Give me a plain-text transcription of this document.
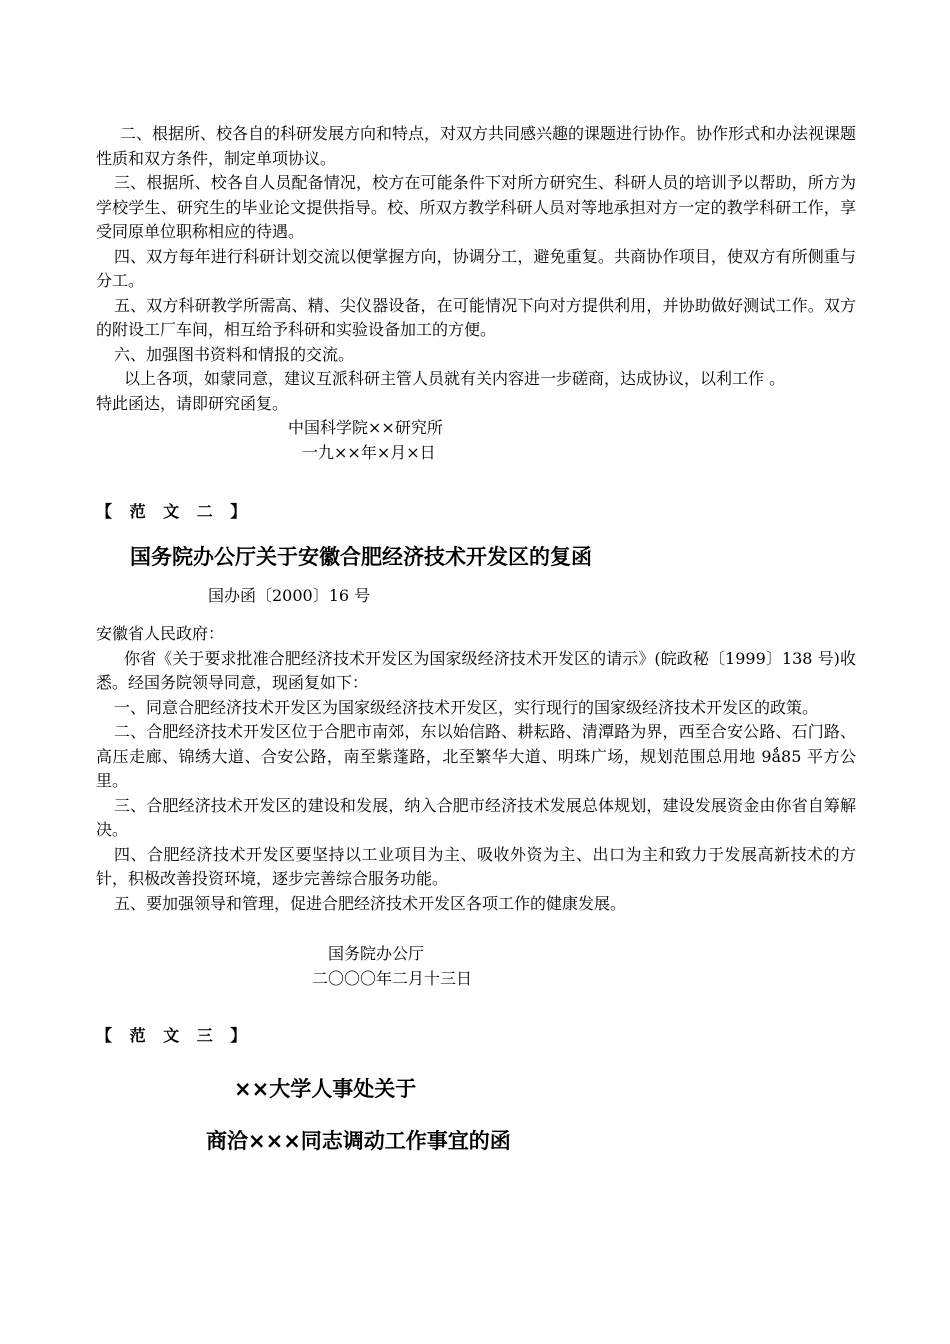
二、根据所、校各自的科研发展方向和特点，对双方共同感兴趣的课题进行协作。协作形式和办法视课题性质和双方条件，制定单项协议。

三、根据所、校各自人员配备情况，校方在可能条件下对所方研究生、科研人员的培训予以帮助，所方为学校学生、研究生的毕业论文提供指导。校、所双方教学科研人员对等地承担对方一定的教学科研工作，享受同原单位职称相应的待遇。

四、双方每年进行科研计划交流以便掌握方向，协调分工，避免重复。共商协作项目，使双方有所侧重与分工。

五、双方科研教学所需高、精、尖仪器设备，在可能情况下向对方提供利用，并协助做好测试工作。双方的附设工厂车间，相互给予科研和实验设备加工的方便。

六、加强图书资料和情报的交流。

以上各项，如蒙同意，建议互派科研主管人员就有关内容进一步磋商，达成协议，以利工作 。

特此函达，请即研究函复。

中国科学院××研究所

一九××年×月×日

【 范 文 二 】

国务院办公厅关于安徽合肥经济技术开发区的复函

国办函〔2000〕16 号

安徽省人民政府：

你省《关于要求批准合肥经济技术开发区为国家级经济技术开发区的请示》(皖政秘〔1999〕138 号)收悉。经国务院领导同意，现函复如下：

一、同意合肥经济技术开发区为国家级经济技术开发区，实行现行的国家级经济技术开发区的政策。

二、合肥经济技术开发区位于合肥市南郊，东以始信路、耕耘路、清潭路为界，西至合安公路、石门路、高压走廊、锦绣大道、合安公路，南至紫蓬路，北至繁华大道、明珠广场，规划范围总用地 9ǻ85 平方公里。

三、合肥经济技术开发区的建设和发展，纳入合肥市经济技术发展总体规划，建设发展资金由你省自筹解决。

四、合肥经济技术开发区要坚持以工业项目为主、吸收外资为主、出口为主和致力于发展高新技术的方针，积极改善投资环境，逐步完善综合服务功能。

五、要加强领导和管理，促进合肥经济技术开发区各项工作的健康发展。

国务院办公厅

二〇〇〇年二月十三日

【 范 文 三 】

××大学人事处关于
商洽×××同志调动工作事宜的函
